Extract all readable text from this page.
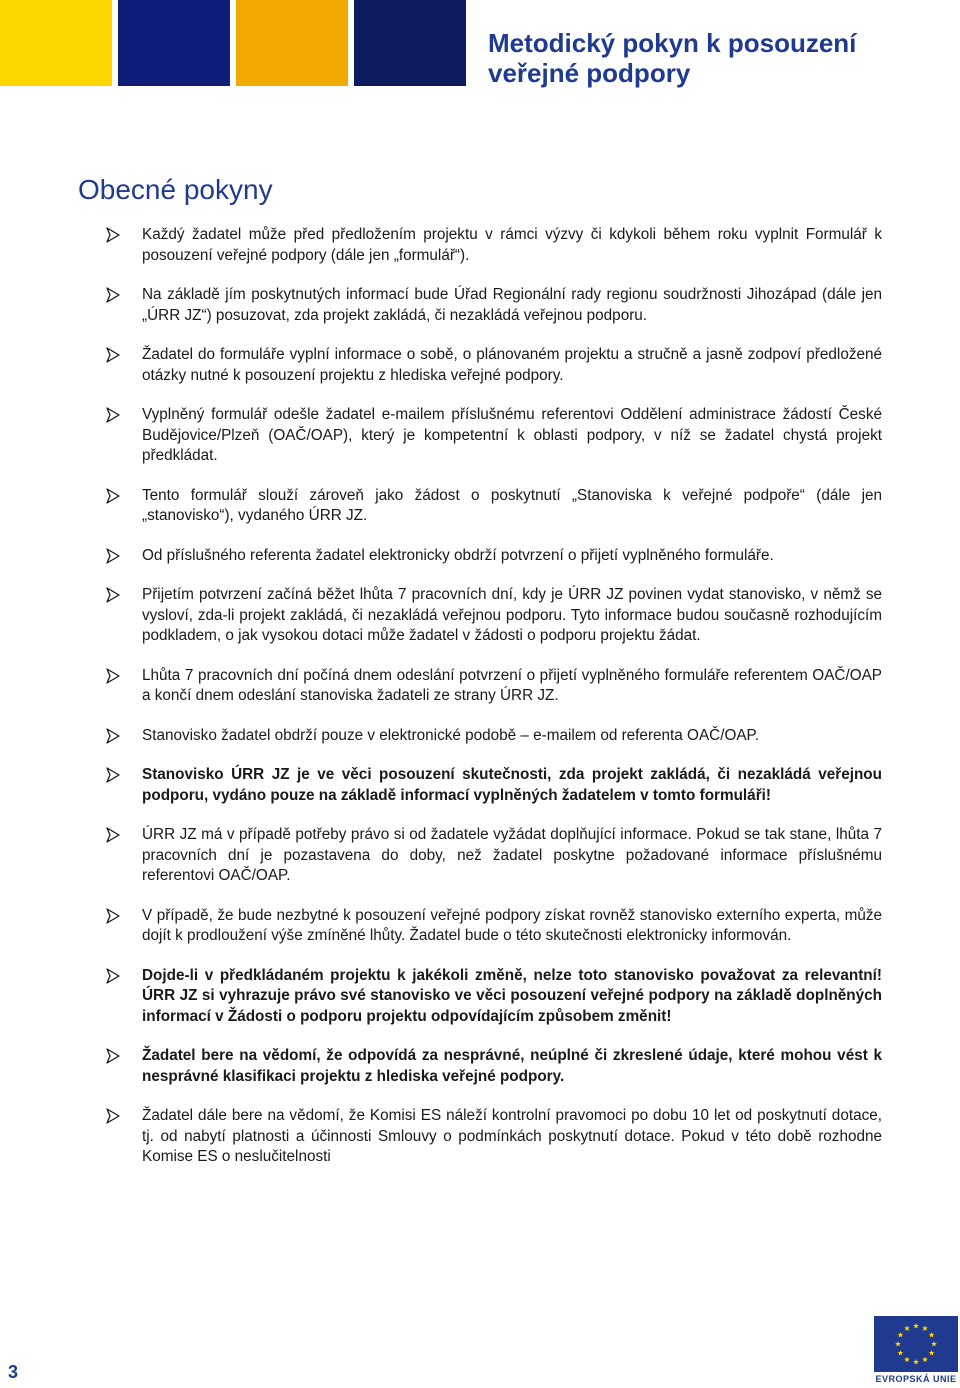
Metodický pokyn k posouzení
veřejné podpory
Obecné pokyny
Každý žadatel může před předložením projektu v rámci výzvy či kdykoli během roku vyplnit Formulář k posouzení veřejné podpory (dále jen „formulář“).
Na základě jím poskytnutých informací bude Úřad Regionální rady regionu soudržnosti Jihozápad (dále jen „ÚRR JZ“) posuzovat, zda projekt zakládá, či nezakládá veřejnou podporu.
Žadatel do formuláře vyplní informace o sobě, o plánovaném projektu a stručně a jasně zodpoví předložené otázky nutné k posouzení projektu z hlediska veřejné podpory.
Vyplněný formulář odešle žadatel e-mailem příslušnému referentovi Oddělení administrace žádostí České Budějovice/Plzeň (OAČ/OAP), který je kompetentní k oblasti podpory, v níž se žadatel chystá projekt předkládat.
Tento formulář slouží zároveň jako žádost o poskytnutí „Stanoviska k veřejné podpoře“ (dále jen „stanovisko“), vydaného ÚRR JZ.
Od příslušného referenta žadatel elektronicky obdrží potvrzení o přijetí vyplněného formuláře.
Přijetím potvrzení začíná běžet lhůta 7 pracovních dní, kdy je ÚRR JZ povinen vydat stanovisko, v němž se vysloví, zda-li projekt zakládá, či nezakládá veřejnou podporu. Tyto informace budou současně rozhodujícím podkladem, o jak vysokou dotaci může žadatel v žádosti o podporu projektu žádat.
Lhůta 7 pracovních dní počíná dnem odeslání potvrzení o přijetí vyplněného formuláře referentem OAČ/OAP a končí dnem odeslání stanoviska žadateli ze strany ÚRR JZ.
Stanovisko žadatel obdrží pouze v elektronické podobě – e-mailem od referenta OAČ/OAP.
Stanovisko ÚRR JZ je ve věci posouzení skutečnosti, zda projekt zakládá, či nezakládá veřejnou podporu, vydáno pouze na základě informací vyplněných žadatelem v tomto formuláři!
ÚRR JZ má v případě potřeby právo si od žadatele vyžádat doplňující informace. Pokud se tak stane, lhůta 7 pracovních dní je pozastavena do doby, než žadatel poskytne požadované informace příslušnému referentovi OAČ/OAP.
V případě, že bude nezbytné k posouzení veřejné podpory získat rovněž stanovisko externího experta, může dojít k prodloužení výše zmíněné lhůty. Žadatel bude o této skutečnosti elektronicky informován.
Dojde-li v předkládaném projektu k jakékoli změně, nelze toto stanovisko považovat za relevantní! ÚRR JZ si vyhrazuje právo své stanovisko ve věci posouzení veřejné podpory na základě doplněných informací v Žádosti o podporu projektu odpovídajícím způsobem změnit!
Žadatel bere na vědomí, že odpovídá za nesprávné, neúplné či zkreslené údaje, které mohou vést k nesprávné klasifikaci projektu z hlediska veřejné podpory.
Žadatel dále bere na vědomí, že Komisi ES náleží kontrolní pravomoci po dobu 10 let od poskytnutí dotace, tj. od nabytí platnosti a účinnosti Smlouvy o podmínkách poskytnutí dotace. Pokud v této době rozhodne Komise ES o neslučitelnosti
3	EVROPSKÁ UNIE
